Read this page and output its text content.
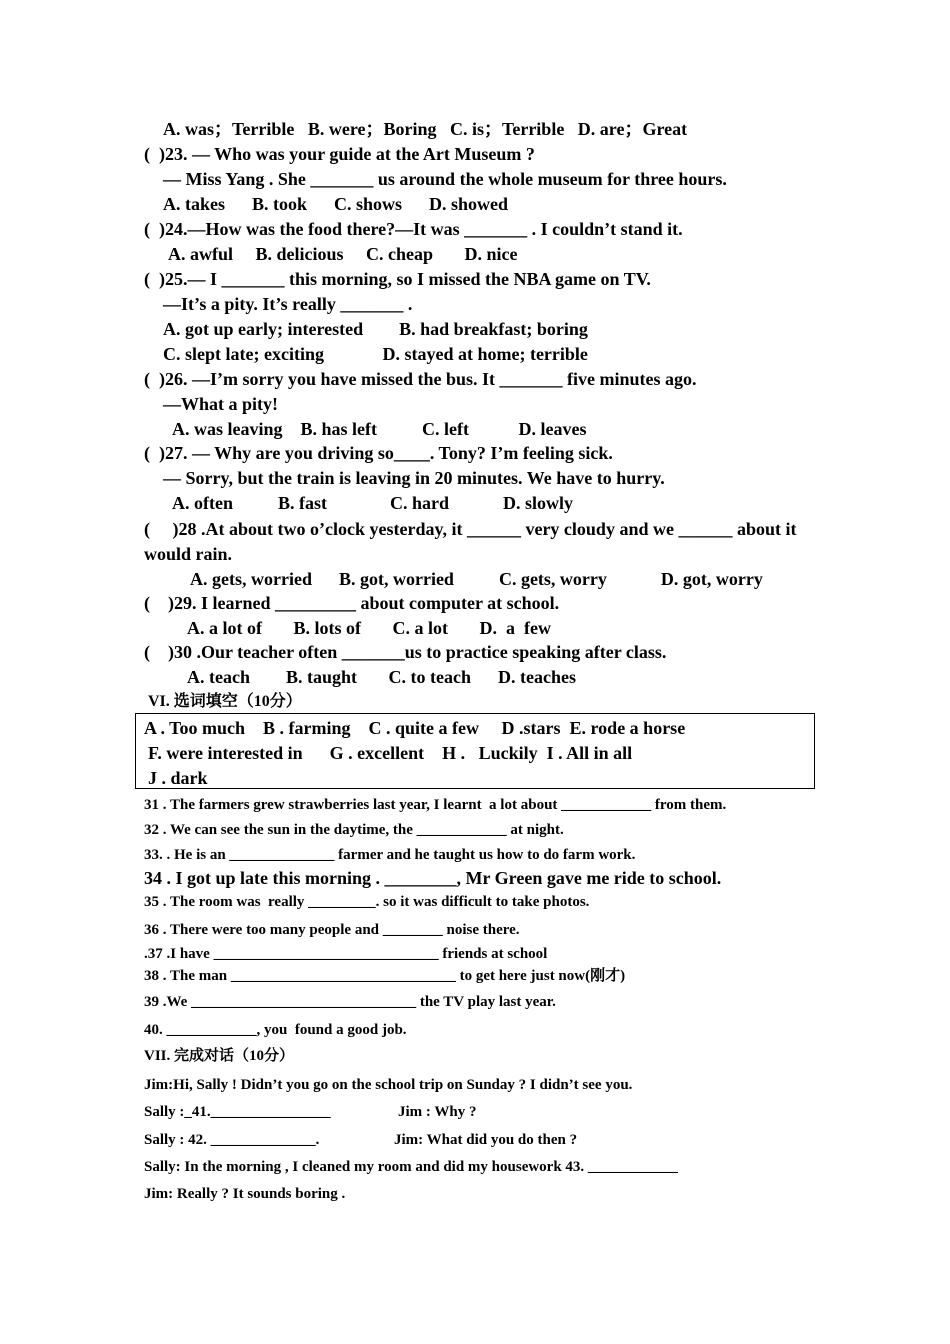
A. was；Terrible   B. were；Boring   C. is；Terrible   D. are；Great
(  )23. — Who was your guide at the Art Museum ?
— Miss Yang . She _______ us around the whole museum for three hours.
A. takes      B. took      C. shows      D. showed
(  )24.—How was the food there?—It was _______ . I couldn’t stand it.
A. awful     B. delicious     C. cheap       D. nice
(  )25.— I _______ this morning, so I missed the NBA game on TV.
—It’s a pity. It’s really _______ .
A. got up early; interested        B. had breakfast; boring
C. slept late; exciting             D. stayed at home; terrible
(  )26. —I’m sorry you have missed the bus. It _______ five minutes ago.
—What a pity!
A. was leaving    B. has left          C. left           D. leaves
(  )27. — Why are you driving so____. Tony? I’m feeling sick.
— Sorry, but the train is leaving in 20 minutes. We have to hurry.
A. often          B. fast              C. hard            D. slowly
(     )28 .At about two o’clock yesterday, it ______ very cloudy and we ______ about it
would rain.
A. gets, worried      B. got, worried          C. gets, worry            D. got, worry
(    )29. I learned _________ about computer at school.
A. a lot of       B. lots of       C. a lot       D.  a  few
(    )30 .Our teacher often _______us to practice speaking after class.
A. teach        B. taught       C. to teach      D. teaches
VI. 选词填空（10分）
A . Too much    B . farming    C . quite a few     D .stars  E. rode a horse
F. were interested in      G . excellent    H .   Luckily  I . All in all
J . dark
31 . The farmers grew strawberries last year, I learnt  a lot about ____________ from them.
32 . We can see the sun in the daytime, the ____________ at night.
33. . He is an ______________ farmer and he taught us how to do farm work.
34 . I got up late this morning . ________, Mr Green gave me ride to school.
35 . The room was  really _________. so it was difficult to take photos.
36 . There were too many people and ________ noise there.
.37 .I have ______________________________ friends at school
38 . The man ______________________________ to get here just now(刚才)
39 .We ______________________________ the TV play last year.
40. ____________, you  found a good job.
VII. 完成对话（10分）
Jim:Hi, Sally ! Didn’t you go on the school trip on Sunday ? I didn’t see you.
Sally :_41.________________	Jim : Why ?
Sally : 42. ______________.	Jim: What did you do then ?
Sally: In the morning , I cleaned my room and did my housework 43. ____________
Jim: Really ? It sounds boring .
